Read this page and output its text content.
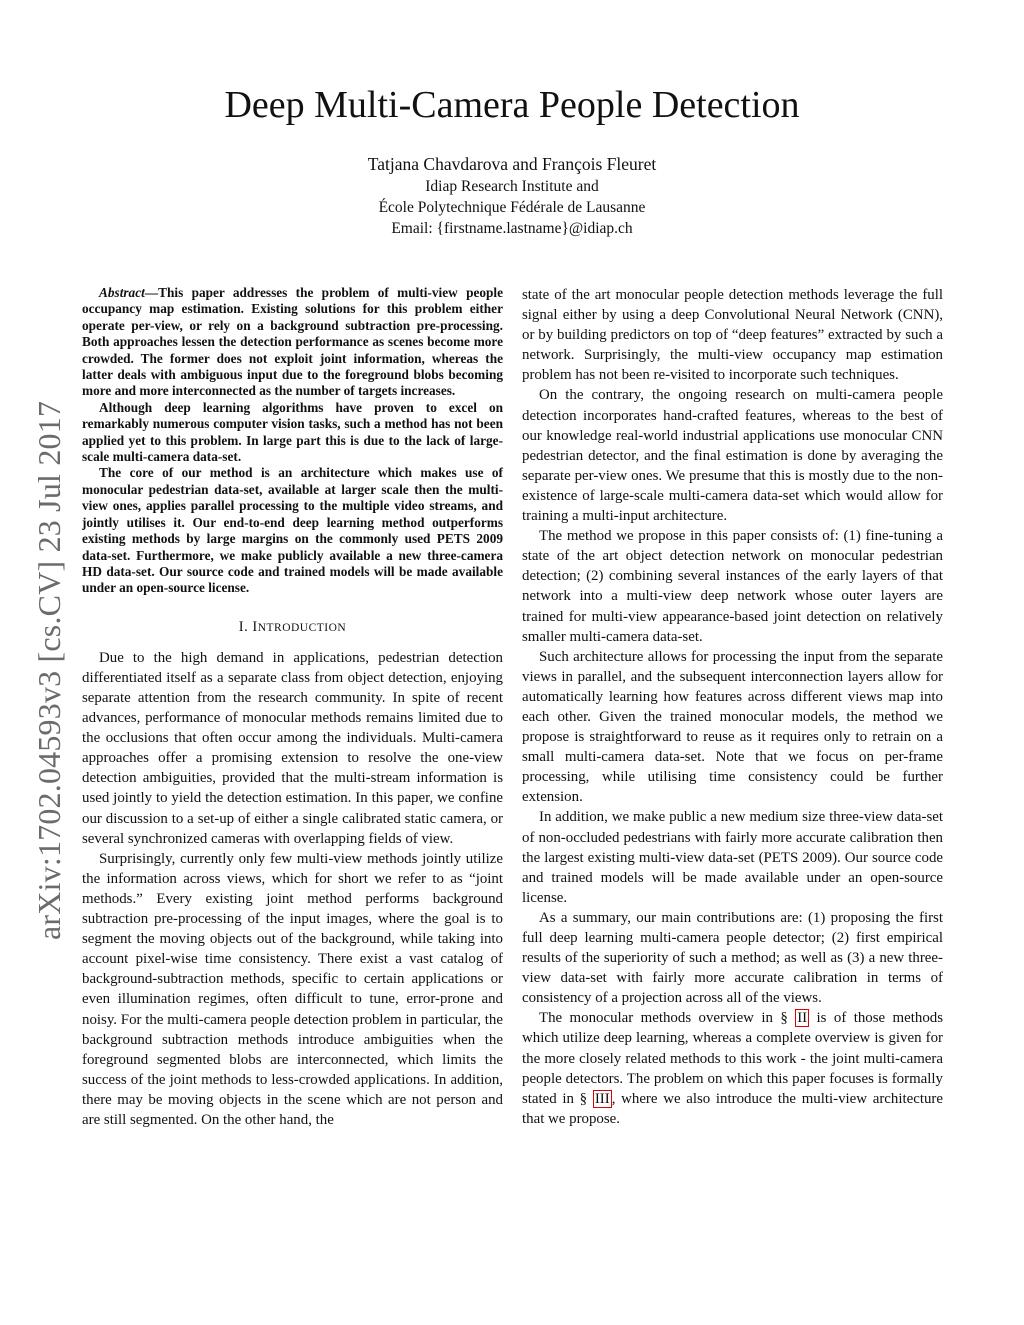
arXiv:1702.04593v3 [cs.CV] 23 Jul 2017
Deep Multi-Camera People Detection
Tatjana Chavdarova and François Fleuret
Idiap Research Institute and
École Polytechnique Fédérale de Lausanne
Email: {firstname.lastname}@idiap.ch

Abstract—This paper addresses the problem of multi-view people occupancy map estimation. Existing solutions for this problem either operate per-view, or rely on a background subtraction pre-processing. Both approaches lessen the detection performance as scenes become more crowded. The former does not exploit joint information, whereas the latter deals with ambiguous input due to the foreground blobs becoming more and more interconnected as the number of targets increases.

Although deep learning algorithms have proven to excel on remarkably numerous computer vision tasks, such a method has not been applied yet to this problem. In large part this is due to the lack of large-scale multi-camera data-set.

The core of our method is an architecture which makes use of monocular pedestrian data-set, available at larger scale then the multi-view ones, applies parallel processing to the multiple video streams, and jointly utilises it. Our end-to-end deep learning method outperforms existing methods by large margins on the commonly used PETS 2009 data-set. Furthermore, we make publicly available a new three-camera HD data-set. Our source code and trained models will be made available under an open-source license.

I. INTRODUCTION

Due to the high demand in applications, pedestrian detection differentiated itself as a separate class from object detection, enjoying separate attention from the research community. In spite of recent advances, performance of monocular methods remains limited due to the occlusions that often occur among the individuals. Multi-camera approaches offer a promising extension to resolve the one-view detection ambiguities, provided that the multi-stream information is used jointly to yield the detection estimation. In this paper, we confine our discussion to a set-up of either a single calibrated static camera, or several synchronized cameras with overlapping fields of view.

Surprisingly, currently only few multi-view methods jointly utilize the information across views, which for short we refer to as “joint methods.” Every existing joint method performs background subtraction pre-processing of the input images, where the goal is to segment the moving objects out of the background, while taking into account pixel-wise time consistency. There exist a vast catalog of background-subtraction methods, specific to certain applications or even illumination regimes, often difficult to tune, error-prone and noisy. For the multi-camera people detection problem in particular, the background subtraction methods introduce ambiguities when the foreground segmented blobs are interconnected, which limits the success of the joint methods to less-crowded applications. In addition, there may be moving objects in the scene which are not person and are still segmented. On the other hand, the

state of the art monocular people detection methods leverage the full signal either by using a deep Convolutional Neural Network (CNN), or by building predictors on top of “deep features” extracted by such a network. Surprisingly, the multi-view occupancy map estimation problem has not been re-visited to incorporate such techniques.

On the contrary, the ongoing research on multi-camera people detection incorporates hand-crafted features, whereas to the best of our knowledge real-world industrial applications use monocular CNN pedestrian detector, and the final estimation is done by averaging the separate per-view ones. We presume that this is mostly due to the non-existence of large-scale multi-camera data-set which would allow for training a multi-input architecture.

The method we propose in this paper consists of: (1) fine-tuning a state of the art object detection network on monocular pedestrian detection; (2) combining several instances of the early layers of that network into a multi-view deep network whose outer layers are trained for multi-view appearance-based joint detection on relatively smaller multi-camera data-set.

Such architecture allows for processing the input from the separate views in parallel, and the subsequent interconnection layers allow for automatically learning how features across different views map into each other. Given the trained monocular models, the method we propose is straightforward to reuse as it requires only to retrain on a small multi-camera data-set. Note that we focus on per-frame processing, while utilising time consistency could be further extension.

In addition, we make public a new medium size three-view data-set of non-occluded pedestrians with fairly more accurate calibration then the largest existing multi-view data-set (PETS 2009). Our source code and trained models will be made available under an open-source license.

As a summary, our main contributions are: (1) proposing the first full deep learning multi-camera people detector; (2) first empirical results of the superiority of such a method; as well as (3) a new three-view data-set with fairly more accurate calibration in terms of consistency of a projection across all of the views.

The monocular methods overview in § II is of those methods which utilize deep learning, whereas a complete overview is given for the more closely related methods to this work - the joint multi-camera people detectors. The problem on which this paper focuses is formally stated in § III , where we also introduce the multi-view architecture that we propose.
